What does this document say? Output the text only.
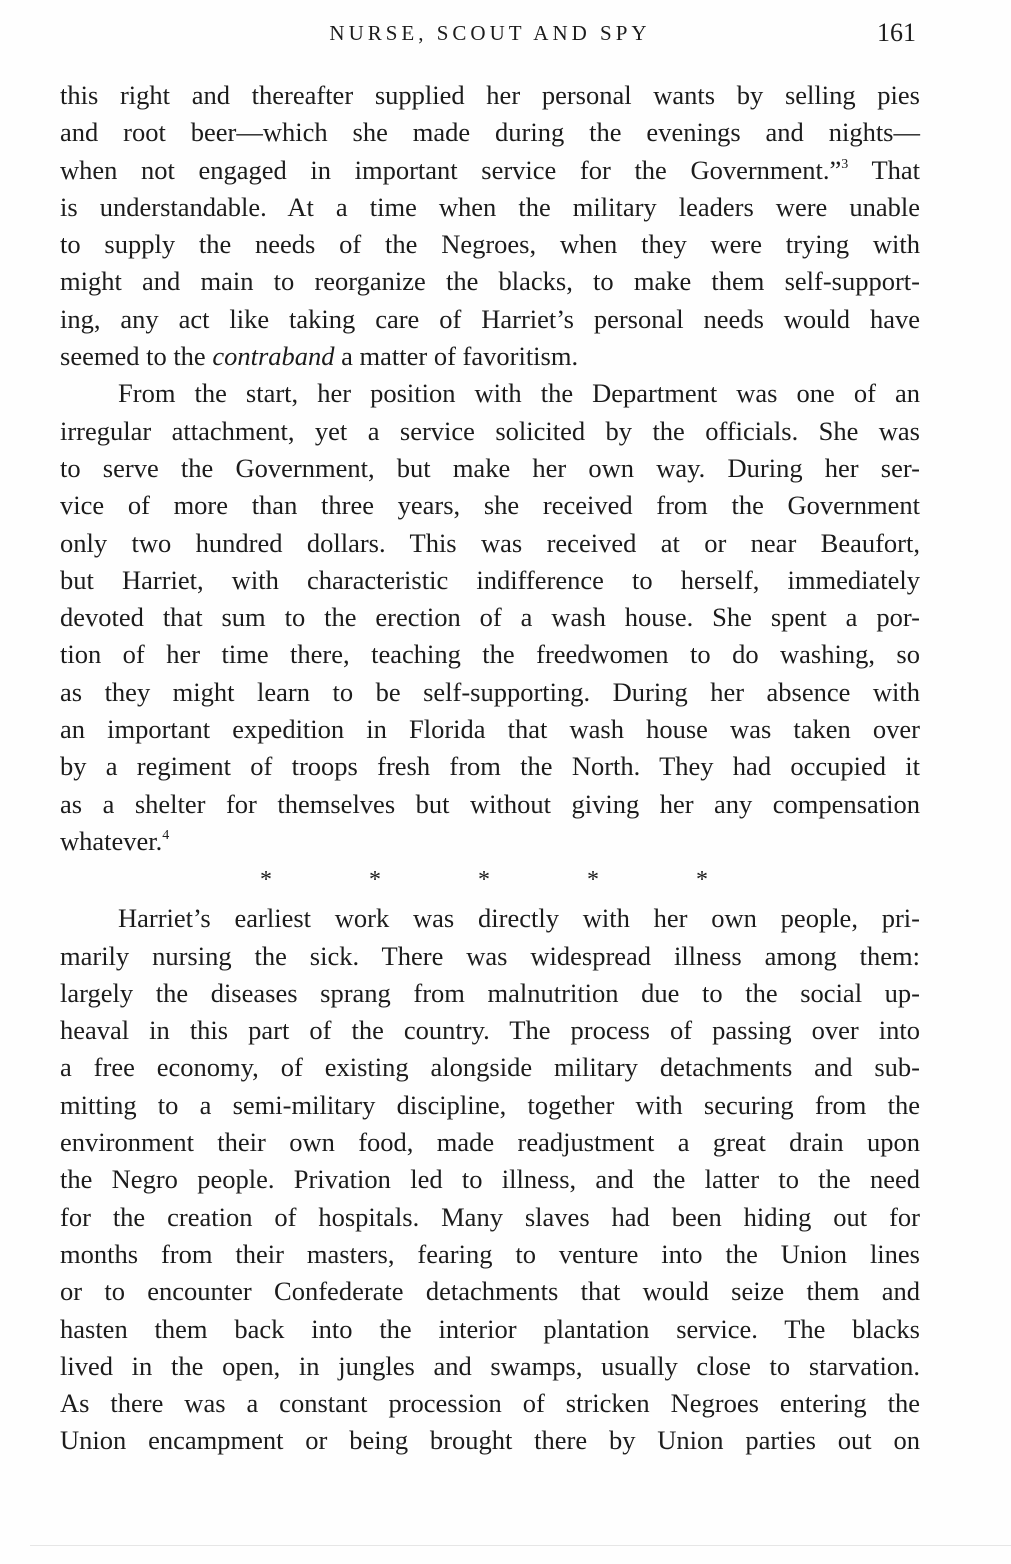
NURSE, SCOUT AND SPY	161
this right and thereafter supplied her personal wants by selling pies
and root beer—which she made during the evenings and nights—
when not engaged in important service for the Government.”$^3$ That
is understandable. At a time when the military leaders were unable
to supply the needs of the Negroes, when they were trying with
might and main to reorganize the blacks, to make them self-support-
ing, any act like taking care of Harriet’s personal needs would have
seemed to the contraband a matter of favoritism.
From the start, her position with the Department was one of an
irregular attachment, yet a service solicited by the officials. She was
to serve the Government, but make her own way. During her ser-
vice of more than three years, she received from the Government
only two hundred dollars. This was received at or near Beaufort,
but Harriet, with characteristic indifference to herself, immediately
devoted that sum to the erection of a wash house. She spent a por-
tion of her time there, teaching the freedwomen to do washing, so
as they might learn to be self-supporting. During her absence with
an important expedition in Florida that wash house was taken over
by a regiment of troops fresh from the North. They had occupied it
as a shelter for themselves but without giving her any compensation
whatever.$^4$
*	*	*	*	*
Harriet’s earliest work was directly with her own people, pri-
marily nursing the sick. There was widespread illness among them:
largely the diseases sprang from malnutrition due to the social up-
heaval in this part of the country. The process of passing over into
a free economy, of existing alongside military detachments and sub-
mitting to a semi-military discipline, together with securing from the
environment their own food, made readjustment a great drain upon
the Negro people. Privation led to illness, and the latter to the need
for the creation of hospitals. Many slaves had been hiding out for
months from their masters, fearing to venture into the Union lines
or to encounter Confederate detachments that would seize them and
hasten them back into the interior plantation service. The blacks
lived in the open, in jungles and swamps, usually close to starvation.
As there was a constant procession of stricken Negroes entering the
Union encampment or being brought there by Union parties out on
